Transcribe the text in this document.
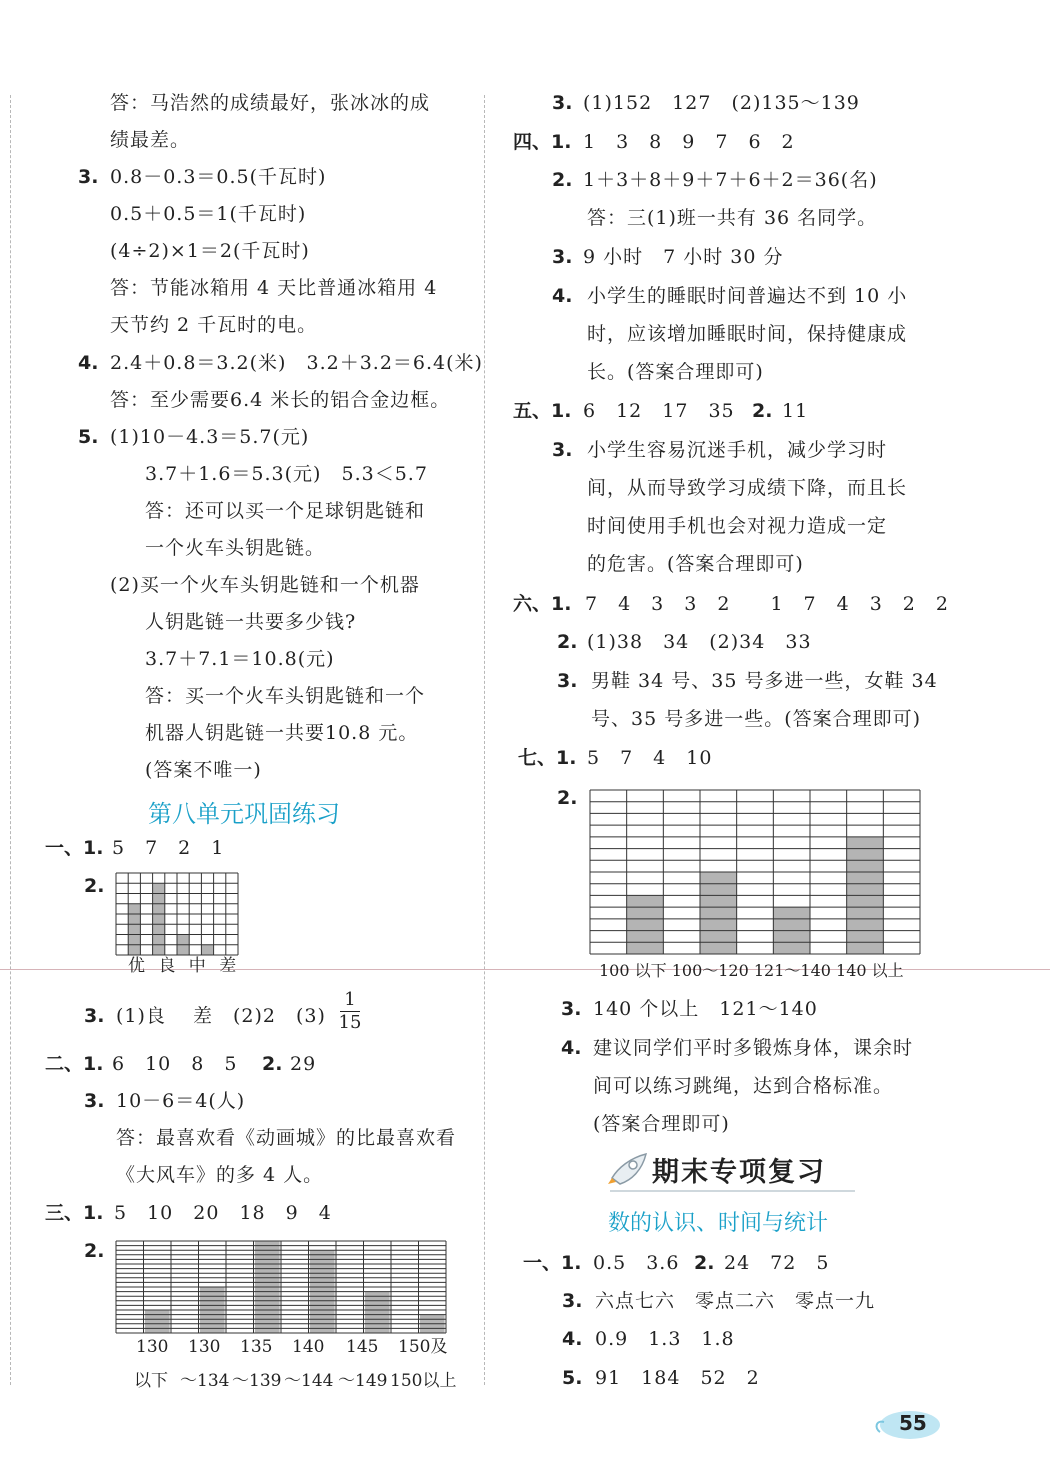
答：马浩然的成绩最好，张冰冰的成
绩最差。
3. 0.8－0.3＝0.5(千瓦时)
0.5＋0.5＝1(千瓦时)
(4÷2)×1＝2(千瓦时)
答：节能冰箱用 4 天比普通冰箱用 4
天节约 2 千瓦时的电。
4. 2.4＋0.8＝3.2(米)　3.2＋3.2＝6.4(米)
答：至少需要6.4 米长的铝合金边框。
5. (1)10－4.3＝5.7(元)
3.7＋1.6＝5.3(元)　5.3＜5.7
答：还可以买一个足球钥匙链和
一个火车头钥匙链。
(2)买一个火车头钥匙链和一个机器
人钥匙链一共要多少钱?
3.7＋7.1＝10.8(元)
答：买一个火车头钥匙链和一个
机器人钥匙链一共要10.8 元。
(答案不唯一)
第八单元巩固练习
一、1. 5　7　2　1
2.
优 良 中 差
3. (1)良　 差　(2)2　(3)
1
15
二、1. 6　10　8　5 2. 29
3. 10－6＝4(人)
答：最喜欢看《动画城》的比最喜欢看
《大风车》的多 4 人。
三、1. 5　10　20　18　9　4
2.
130 130 135 140 145 150及
以下 ～134 ～139 ～144 ～149 150以上
3. (1)152　127　(2)135～139
四、1. 1　3　8　9　7　6　2
2. 1＋3＋8＋9＋7＋6＋2＝36(名)
答：三(1)班一共有 36 名同学。
3. 9 小时　7 小时 30 分
4. 小学生的睡眠时间普遍达不到 10 小
时，应该增加睡眠时间，保持健康成
长。(答案合理即可)
五、1. 6　12　17　35 2. 11
3. 小学生容易沉迷手机，减少学习时
间，从而导致学习成绩下降，而且长
时间使用手机也会对视力造成一定
的危害。(答案合理即可)
六、1. 7　4　3　3　2　　1　7　4　3　2　2
2. (1)38　34　(2)34　33
3. 男鞋 34 号、35 号多进一些，女鞋 34
号、35 号多进一些。(答案合理即可)
七、1. 5　7　4　10
2.
100 以下 100～120 121～140 140 以上
3. 140 个以上　121～140
4. 建议同学们平时多锻炼身体，课余时
间可以练习跳绳，达到合格标准。
(答案合理即可)
期末专项复习
数的认识、时间与统计
一、1. 0.5　3.6 2. 24　72　5
3. 六点七六　零点二六　零点一九
4. 0.9　1.3　1.8
5. 91　184　52　2
55
